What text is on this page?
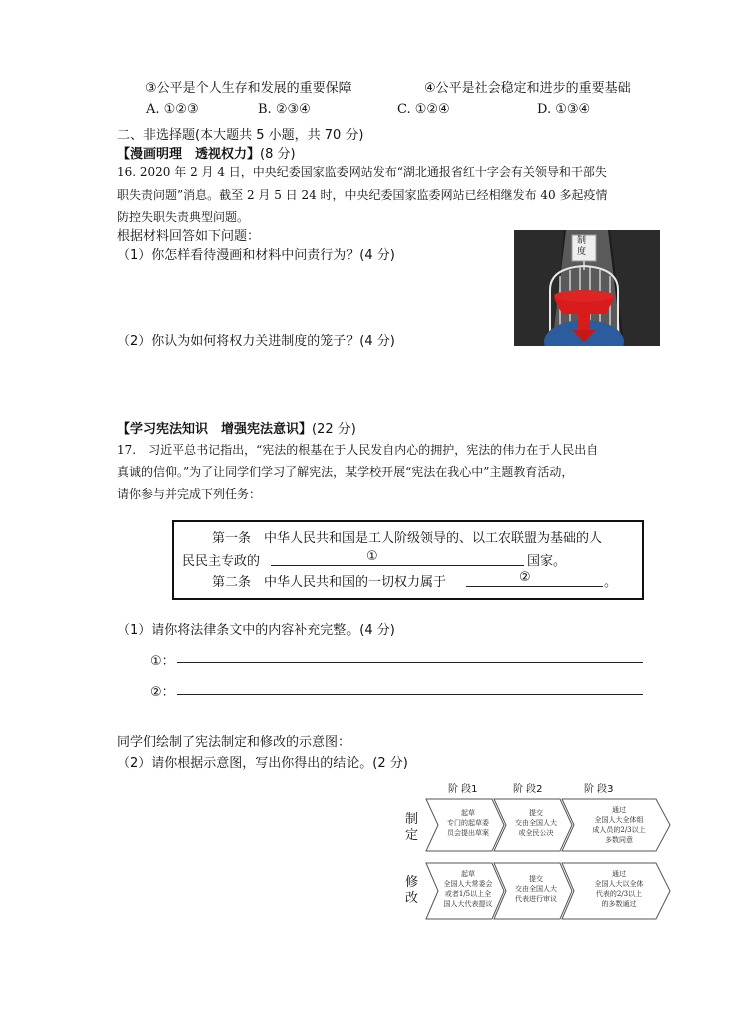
③公平是个人生存和发展的重要保障	④公平是社会稳定和进步的重要基础
A. ①②③	B. ②③④	C. ①②④	D. ①③④
二、非选择题(本大题共 5 小题，共 70 分)
【漫画明理　透视权力】(8 分)
16. 2020 年 2 月 4 日，中央纪委国家监委网站发布“湖北通报省红十字会有关领导和干部失
职失责问题”消息。截至 2 月 5 日 24 时，中央纪委国家监委网站已经相继发布 40 多起疫情
防控失职失责典型问题。
根据材料回答如下问题：
（1）你怎样看待漫画和材料中问责行为？(4 分)
（2）你认为如何将权力关进制度的笼子？(4 分)
制
度
【学习宪法知识　增强宪法意识】(22 分)
17.　习近平总书记指出，“宪法的根基在于人民发自内心的拥护，宪法的伟力在于人民出自
真诚的信仰。”为了让同学们学习了解宪法，某学校开展“宪法在我心中”主题教育活动，
请你参与并完成下列任务：
第一条　中华人民共和国是工人阶级领导的、以工农联盟为基础的人
民民主专政的	①	国家。
第二条　中华人民共和国的一切权力属于	②	。
（1）请你将法律条文中的内容补充完整。(4 分)
①：
②：
同学们绘制了宪法制定和修改的示意图：
（2）请你根据示意图，写出你得出的结论。(2 分)
阶 段1	阶 段2	阶 段3
制
定
修
改
起草
专门的起草委
员会提出草案
提交
交由全国人大
或全民公决
通过
全国人大全体组
成人员的2/3以上
多数同意
起草
全国人大常委会
或者1/5以上全
国人大代表提议
提交
交由全国人大
代表进行审议
通过
全国人大以全体
代表的2/3以上
的多数通过
